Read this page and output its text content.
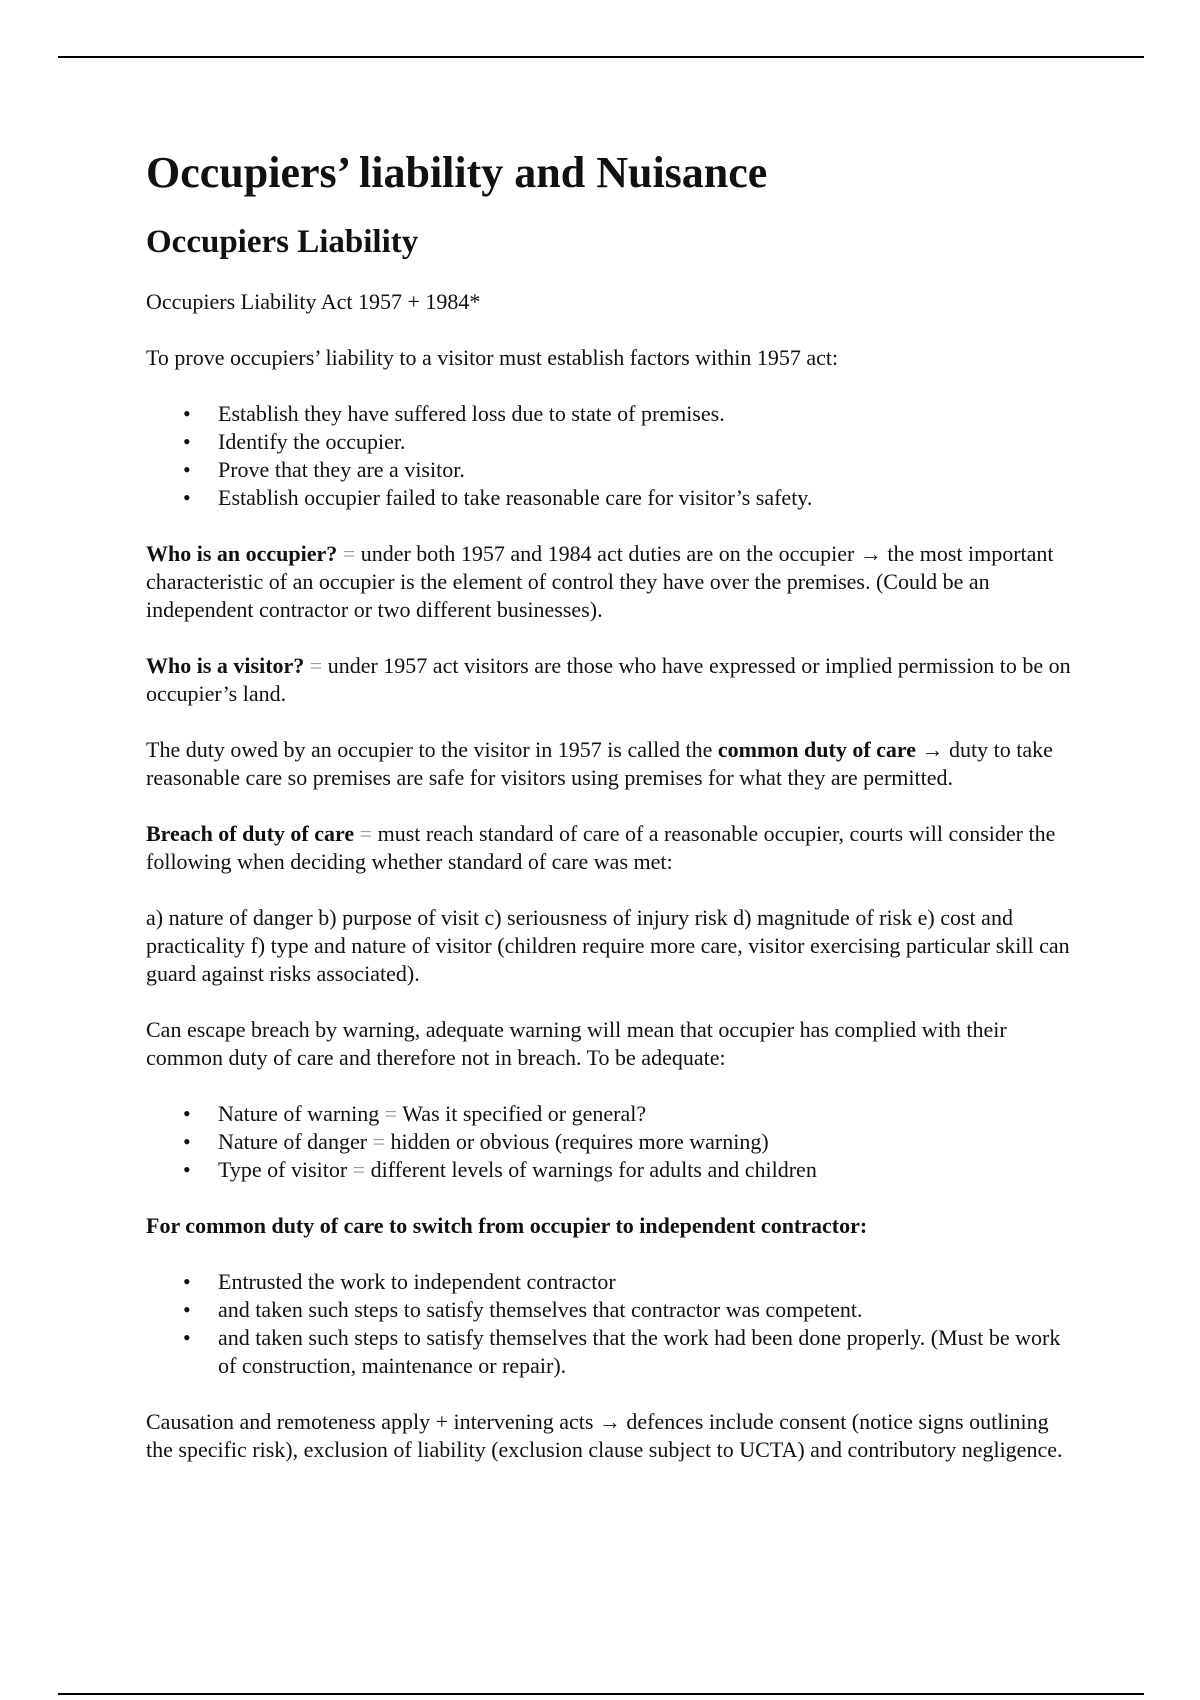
Occupiers’ liability and Nuisance
Occupiers Liability

Occupiers Liability Act 1957 + 1984*

To prove occupiers’ liability to a visitor must establish factors within 1957 act:

• Establish they have suffered loss due to state of premises.
• Identify the occupier.
• Prove that they are a visitor.
• Establish occupier failed to take reasonable care for visitor’s safety.

Who is an occupier? = under both 1957 and 1984 act duties are on the occupier → the most important characteristic of an occupier is the element of control they have over the premises. (Could be an independent contractor or two different businesses).

Who is a visitor? = under 1957 act visitors are those who have expressed or implied permission to be on occupier’s land.

The duty owed by an occupier to the visitor in 1957 is called the common duty of care → duty to take reasonable care so premises are safe for visitors using premises for what they are permitted.

Breach of duty of care = must reach standard of care of a reasonable occupier, courts will consider the following when deciding whether standard of care was met:

a) nature of danger b) purpose of visit c) seriousness of injury risk d) magnitude of risk e) cost and practicality f) type and nature of visitor (children require more care, visitor exercising particular skill can guard against risks associated).

Can escape breach by warning, adequate warning will mean that occupier has complied with their common duty of care and therefore not in breach. To be adequate:

• Nature of warning = Was it specified or general?
• Nature of danger = hidden or obvious (requires more warning)
• Type of visitor = different levels of warnings for adults and children

For common duty of care to switch from occupier to independent contractor:

• Entrusted the work to independent contractor
• and taken such steps to satisfy themselves that contractor was competent.
• and taken such steps to satisfy themselves that the work had been done properly. (Must be work of construction, maintenance or repair).

Causation and remoteness apply + intervening acts → defences include consent (notice signs outlining the specific risk), exclusion of liability (exclusion clause subject to UCTA) and contributory negligence.
